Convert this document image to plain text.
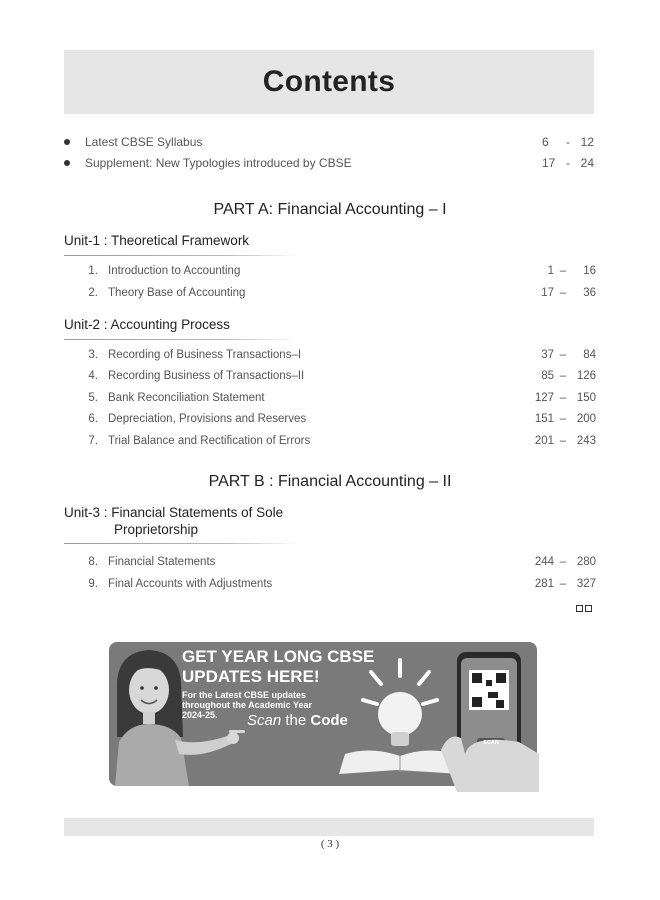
Contents
Latest CBSE Syllabus	6 - 12
Supplement: New Typologies introduced by CBSE	17 - 24
PART A: Financial Accounting – I
Unit-1 : Theoretical Framework
1. Introduction to Accounting	1 – 16
2. Theory Base of Accounting	17 – 36
Unit-2 : Accounting Process
3. Recording of Business Transactions–I	37 – 84
4. Recording Business of Transactions–II	85 – 126
5. Bank Reconciliation Statement	127 – 150
6. Depreciation, Provisions and Reserves	151 – 200
7. Trial Balance and Rectification of Errors	201 – 243
PART B : Financial Accounting – II
Unit-3 : Financial Statements of Sole
Proprietorship
8. Financial Statements	244 – 280
9. Final Accounts with Adjustments	281 – 327
GET YEAR LONG CBSE
UPDATES HERE!
For the Latest CBSE updates
throughout the Academic Year
2024-25.	Scan the Code
SCAN
( 3 )
